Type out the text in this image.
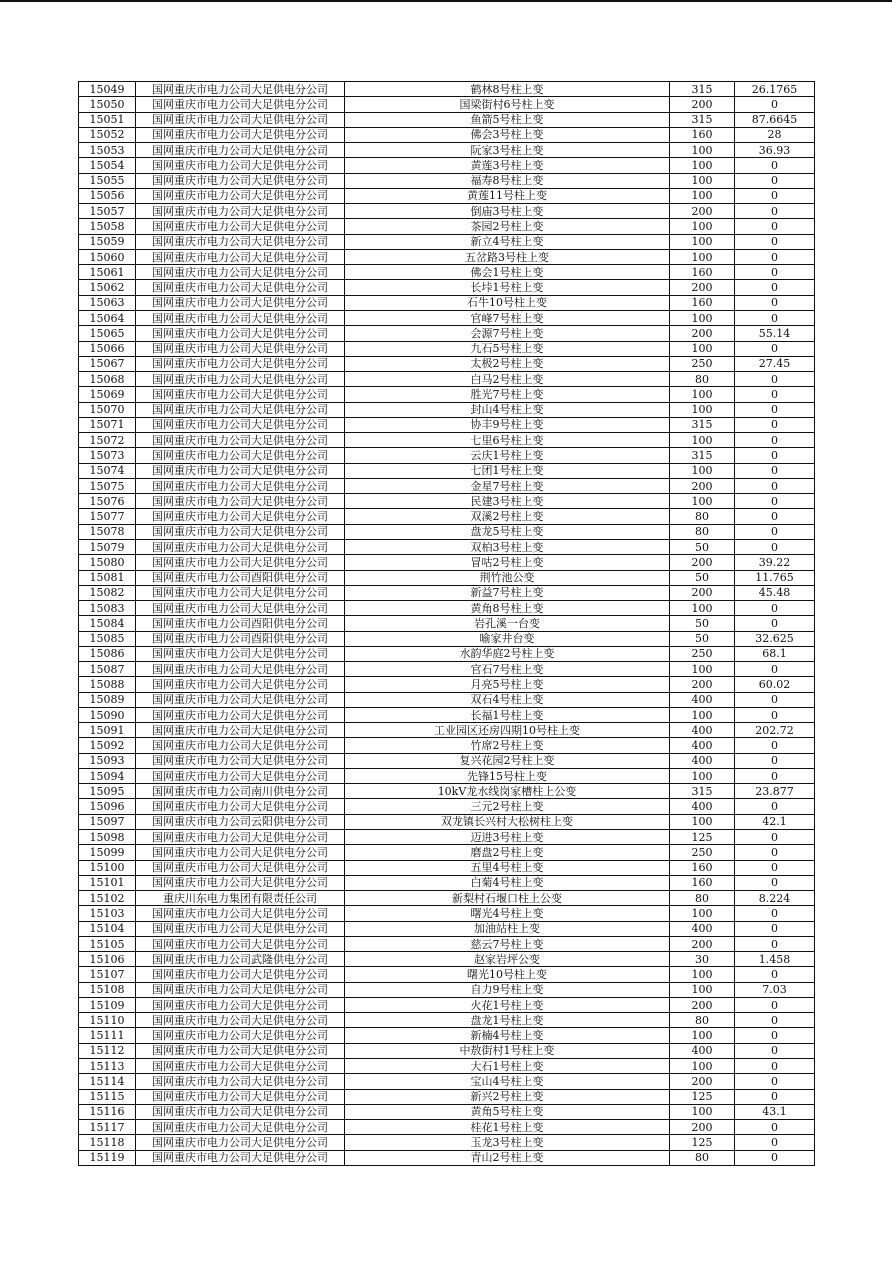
15049	国网重庆市电力公司大足供电分公司	鹤林8号柱上变	315	26.1765
15050	国网重庆市电力公司大足供电分公司	国梁街村6号柱上变	200	0
15051	国网重庆市电力公司大足供电分公司	鱼箭5号柱上变	315	87.6645
15052	国网重庆市电力公司大足供电分公司	佛会3号柱上变	160	28
15053	国网重庆市电力公司大足供电分公司	阮家3号柱上变	100	36.93
15054	国网重庆市电力公司大足供电分公司	黄莲3号柱上变	100	0
15055	国网重庆市电力公司大足供电分公司	福寿8号柱上变	100	0
15056	国网重庆市电力公司大足供电分公司	黄莲11号柱上变	100	0
15057	国网重庆市电力公司大足供电分公司	倒庙3号柱上变	200	0
15058	国网重庆市电力公司大足供电分公司	茶园2号柱上变	100	0
15059	国网重庆市电力公司大足供电分公司	新立4号柱上变	100	0
15060	国网重庆市电力公司大足供电分公司	五岔路3号柱上变	100	0
15061	国网重庆市电力公司大足供电分公司	佛会1号柱上变	160	0
15062	国网重庆市电力公司大足供电分公司	长垰1号柱上变	200	0
15063	国网重庆市电力公司大足供电分公司	石牛10号柱上变	160	0
15064	国网重庆市电力公司大足供电分公司	官峰7号柱上变	100	0
15065	国网重庆市电力公司大足供电分公司	会源7号柱上变	200	55.14
15066	国网重庆市电力公司大足供电分公司	九石5号柱上变	100	0
15067	国网重庆市电力公司大足供电分公司	太极2号柱上变	250	27.45
15068	国网重庆市电力公司大足供电分公司	白马2号柱上变	80	0
15069	国网重庆市电力公司大足供电分公司	胜光7号柱上变	100	0
15070	国网重庆市电力公司大足供电分公司	封山4号柱上变	100	0
15071	国网重庆市电力公司大足供电分公司	协丰9号柱上变	315	0
15072	国网重庆市电力公司大足供电分公司	七里6号柱上变	100	0
15073	国网重庆市电力公司大足供电分公司	云庆1号柱上变	315	0
15074	国网重庆市电力公司大足供电分公司	七团1号柱上变	100	0
15075	国网重庆市电力公司大足供电分公司	金星7号柱上变	200	0
15076	国网重庆市电力公司大足供电分公司	民建3号柱上变	100	0
15077	国网重庆市电力公司大足供电分公司	双溪2号柱上变	80	0
15078	国网重庆市电力公司大足供电分公司	盘龙5号柱上变	80	0
15079	国网重庆市电力公司大足供电分公司	双柏3号柱上变	50	0
15080	国网重庆市电力公司大足供电分公司	冒咕2号柱上变	200	39.22
15081	国网重庆市电力公司酉阳供电分公司	荆竹池公变	50	11.765
15082	国网重庆市电力公司大足供电分公司	新益7号柱上变	200	45.48
15083	国网重庆市电力公司大足供电分公司	黄角8号柱上变	100	0
15084	国网重庆市电力公司酉阳供电分公司	岩孔溪一台变	50	0
15085	国网重庆市电力公司酉阳供电分公司	喻家井台变	50	32.625
15086	国网重庆市电力公司大足供电分公司	水韵华庭2号柱上变	250	68.1
15087	国网重庆市电力公司大足供电分公司	官石7号柱上变	100	0
15088	国网重庆市电力公司大足供电分公司	月亮5号柱上变	200	60.02
15089	国网重庆市电力公司大足供电分公司	双石4号柱上变	400	0
15090	国网重庆市电力公司大足供电分公司	长福1号柱上变	100	0
15091	国网重庆市电力公司大足供电分公司	工业园区还房四期10号柱上变	400	202.72
15092	国网重庆市电力公司大足供电分公司	竹席2号柱上变	400	0
15093	国网重庆市电力公司大足供电分公司	复兴花园2号柱上变	400	0
15094	国网重庆市电力公司大足供电分公司	先锋15号柱上变	100	0
15095	国网重庆市电力公司南川供电分公司	10kV龙水线岗家槽柱上公变	315	23.877
15096	国网重庆市电力公司大足供电分公司	三元2号柱上变	400	0
15097	国网重庆市电力公司云阳供电分公司	双龙镇长兴村大松树柱上变	100	42.1
15098	国网重庆市电力公司大足供电分公司	迈进3号柱上变	125	0
15099	国网重庆市电力公司大足供电分公司	磨盘2号柱上变	250	0
15100	国网重庆市电力公司大足供电分公司	五里4号柱上变	160	0
15101	国网重庆市电力公司大足供电分公司	白菊4号柱上变	160	0
15102	重庆川东电力集团有限责任公司	新梨村石堰口柱上公变	80	8.224
15103	国网重庆市电力公司大足供电分公司	曙光4号柱上变	100	0
15104	国网重庆市电力公司大足供电分公司	加油站柱上变	400	0
15105	国网重庆市电力公司大足供电分公司	慈云7号柱上变	200	0
15106	国网重庆市电力公司武隆供电分公司	赵家岩坪公变	30	1.458
15107	国网重庆市电力公司大足供电分公司	曙光10号柱上变	100	0
15108	国网重庆市电力公司大足供电分公司	自力9号柱上变	100	7.03
15109	国网重庆市电力公司大足供电分公司	火花1号柱上变	200	0
15110	国网重庆市电力公司大足供电分公司	盘龙1号柱上变	80	0
15111	国网重庆市电力公司大足供电分公司	新楠4号柱上变	100	0
15112	国网重庆市电力公司大足供电分公司	中敖街村1号柱上变	400	0
15113	国网重庆市电力公司大足供电分公司	大石1号柱上变	100	0
15114	国网重庆市电力公司大足供电分公司	宝山4号柱上变	200	0
15115	国网重庆市电力公司大足供电分公司	新兴2号柱上变	125	0
15116	国网重庆市电力公司大足供电分公司	黄角5号柱上变	100	43.1
15117	国网重庆市电力公司大足供电分公司	桂花1号柱上变	200	0
15118	国网重庆市电力公司大足供电分公司	玉龙3号柱上变	125	0
15119	国网重庆市电力公司大足供电分公司	青山2号柱上变	80	0
